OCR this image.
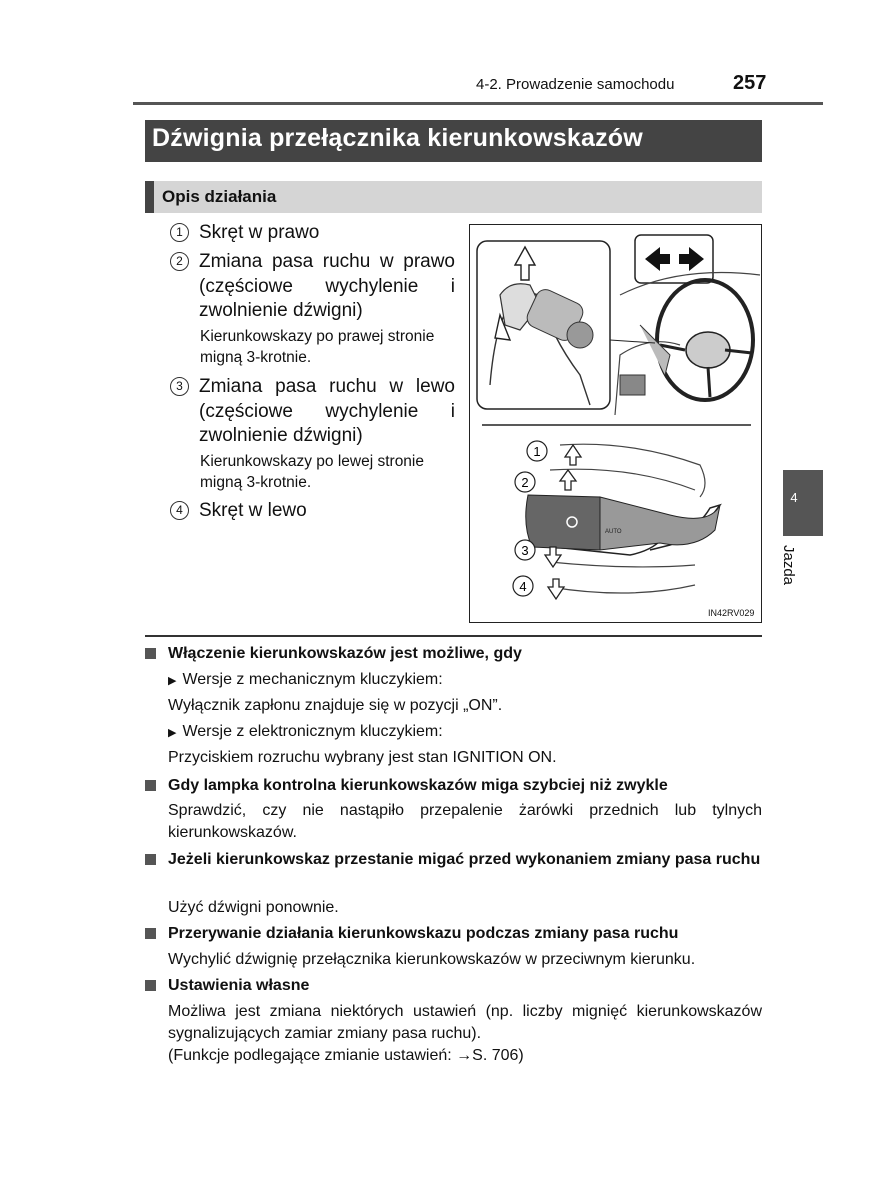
4-2. Prowadzenie samochodu	257
Dźwignia przełącznika kierunkowskazów
Opis działania
1 Skręt w prawo
2 Zmiana pasa ruchu w prawo (częściowe wychylenie i zwolnienie dźwigni)
Kierunkowskazy po prawej stronie migną 3-krotnie.
3 Zmiana pasa ruchu w lewo (częściowe wychylenie i zwolnienie dźwigni)
Kierunkowskazy po lewej stronie migną 3-krotnie.
4 Skręt w lewo
AUTO
1
2
3
4
IN42RV029
4
Jazda
Włączenie kierunkowskazów jest możliwe, gdy
▶ Wersje z mechanicznym kluczykiem:
Wyłącznik zapłonu znajduje się w pozycji „ON”.
▶ Wersje z elektronicznym kluczykiem:
Przyciskiem rozruchu wybrany jest stan IGNITION ON.
Gdy lampka kontrolna kierunkowskazów miga szybciej niż zwykle
Sprawdzić, czy nie nastąpiło przepalenie żarówki przednich lub tylnych kierunkowskazów.
Jeżeli kierunkowskaz przestanie migać przed wykonaniem zmiany pasa ruchu
Użyć dźwigni ponownie.
Przerywanie działania kierunkowskazu podczas zmiany pasa ruchu
Wychylić dźwignię przełącznika kierunkowskazów w przeciwnym kierunku.
Ustawienia własne
Możliwa jest zmiana niektórych ustawień (np. liczby mignięć kierunkowskazów sygnalizujących zamiar zmiany pasa ruchu).
(Funkcje podlegające zmianie ustawień: →S. 706)
